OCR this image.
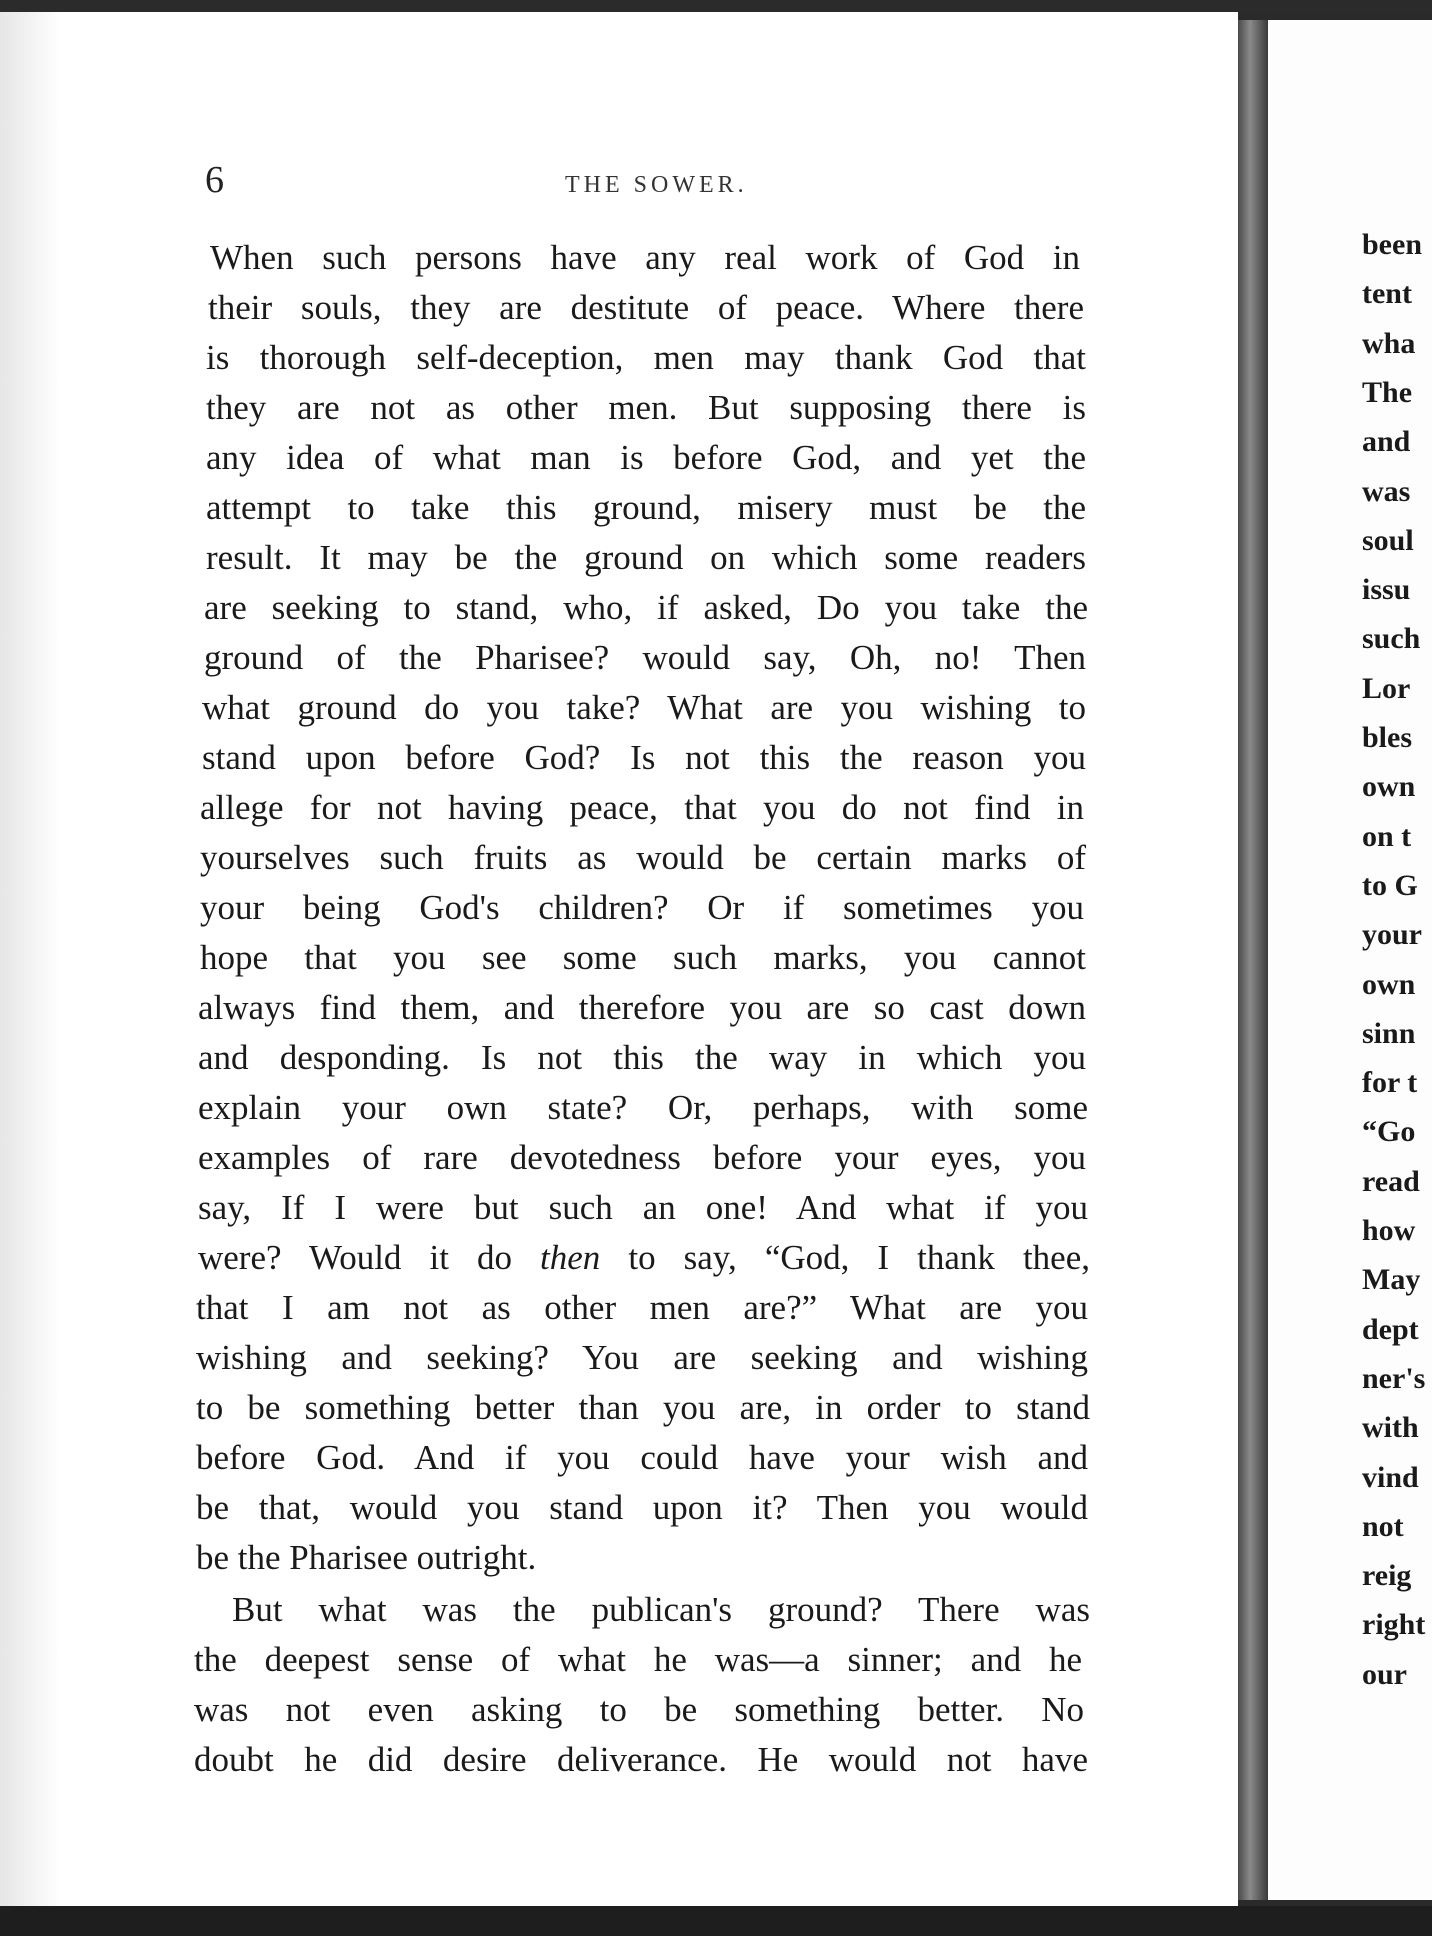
been
tent
wha
The
and
was
soul
issu
such
Lor
bles
own
on t
to G
your
own
sinn
for t
“Go
read
how
May
dept
ner's
with
vind
not
reig
right
our
6	THE SOWER.
When such persons have any real work of God in
their souls, they are destitute of peace. Where there
is thorough self-deception, men may thank God that
they are not as other men. But supposing there is
any idea of what man is before God, and yet the
attempt to take this ground, misery must be the
result. It may be the ground on which some readers
are seeking to stand, who, if asked, Do you take the
ground of the Pharisee? would say, Oh, no! Then
what ground do you take? What are you wishing to
stand upon before God? Is not this the reason you
allege for not having peace, that you do not find in
yourselves such fruits as would be certain marks of
your being God's children? Or if sometimes you
hope that you see some such marks, you cannot
always find them, and therefore you are so cast down
and desponding. Is not this the way in which you
explain your own state? Or, perhaps, with some
examples of rare devotedness before your eyes, you
say, If I were but such an one! And what if you
were? Would it do then to say, “God, I thank thee,
that I am not as other men are?” What are you
wishing and seeking? You are seeking and wishing
to be something better than you are, in order to stand
before God. And if you could have your wish and
be that, would you stand upon it? Then you would
be the Pharisee outright.
But what was the publican's ground? There was
the deepest sense of what he was—a sinner; and he
was not even asking to be something better. No
doubt he did desire deliverance. He would not have
